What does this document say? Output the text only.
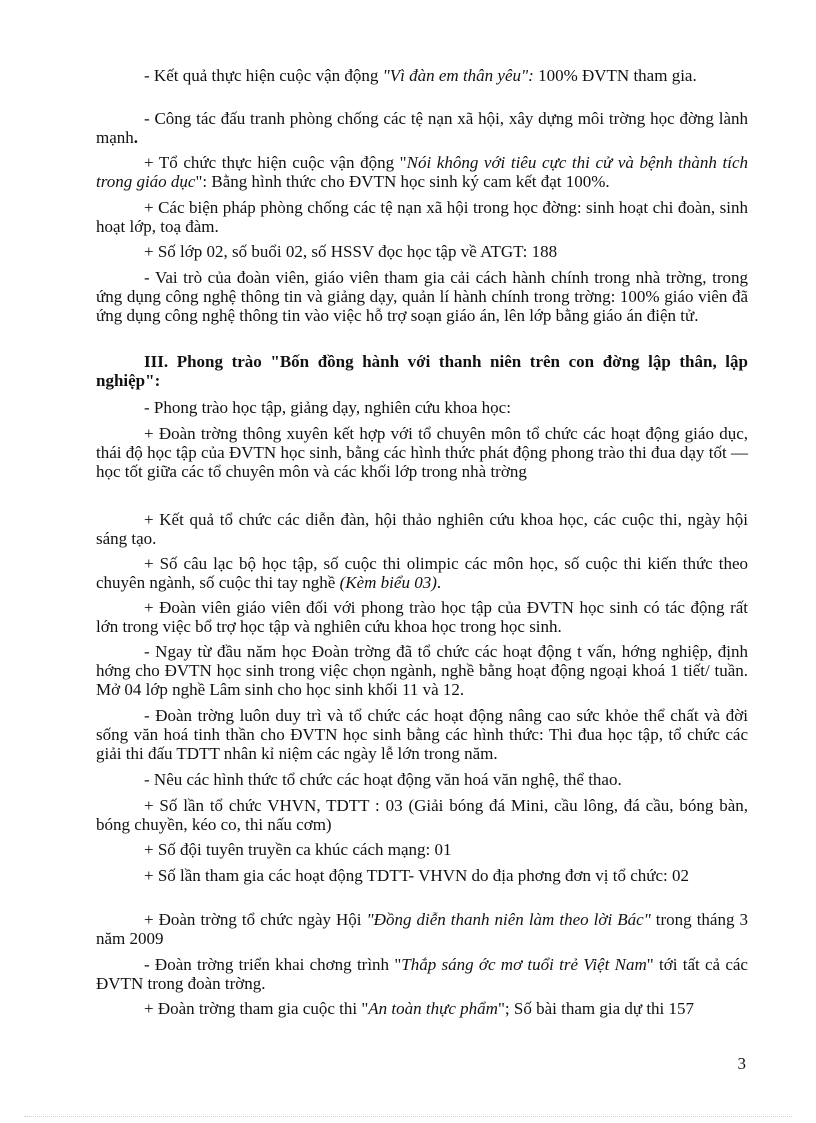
- Kết quả thực hiện cuộc vận động "Vì đàn em thân yêu": 100% ĐVTN tham gia.

- Công tác đấu tranh phòng chống các tệ nạn xã hội, xây dựng môi trờng học đờng lành mạnh.

+ Tổ chức thực hiện cuộc vận động "Nói không với tiêu cực thi cử và bệnh thành tích trong giáo dục": Bằng hình thức cho ĐVTN học sinh ký cam kết đạt 100%.

+ Các biện pháp phòng chống các tệ nạn xã hội trong học đờng: sinh hoạt chi đoàn, sinh hoạt lớp, toạ đàm.

+ Số lớp 02, số buổi 02, số HSSV đọc học tập về ATGT: 188

- Vai trò của đoàn viên, giáo viên tham gia cải cách hành chính trong nhà trờng, trong ứng dụng công nghệ thông tin và giảng dạy, quản lí hành chính trong trờng: 100% giáo viên đã ứng dụng công nghệ thông tin vào việc hỗ trợ soạn giáo án, lên lớp bằng giáo án điện tử.

III. Phong trào "Bốn đồng hành với thanh niên trên con đờng lập thân, lập nghiệp":

- Phong trào học tập, giảng dạy, nghiên cứu khoa học:

+ Đoàn trờng thông xuyên kết hợp với tổ chuyên môn tổ chức các hoạt động giáo dục, thái độ học tập của ĐVTN học sinh, bằng các hình thức phát động phong trào thi đua dạy tốt — học tốt giữa các tổ chuyên môn và các khối lớp trong nhà trờng

+ Kết quả tổ chức các diễn đàn, hội thảo nghiên cứu khoa học, các cuộc thi, ngày hội sáng tạo.

+ Số câu lạc bộ học tập, số cuộc thi olimpic các môn học, số cuộc thi kiến thức theo chuyên ngành, số cuộc thi tay nghề (Kèm biểu 03).

+ Đoàn viên giáo viên đối với phong trào học tập của ĐVTN học sinh có tác động rất lớn trong việc bổ trợ học tập và nghiên cứu khoa học trong học sinh.

- Ngay từ đầu năm học Đoàn trờng đã tổ chức các hoạt động t vấn, hớng nghiệp, định hớng cho ĐVTN học sinh trong việc chọn ngành, nghề bằng hoạt động ngoại khoá 1 tiết/ tuần. Mở 04 lớp nghề Lâm sinh cho học sinh khối 11 và 12.

- Đoàn trờng luôn duy trì và tổ chức các hoạt động nâng cao sức khỏe thể chất và đời sống văn hoá tinh thần cho ĐVTN học sinh bằng các hình thức: Thi đua học tập, tổ chức các giải thi đấu TDTT nhân kỉ niệm các ngày lễ lớn trong năm.

- Nêu các hình thức tổ chức các hoạt động văn hoá văn nghệ, thể thao.

+ Số lần tổ chức VHVN, TDTT : 03 (Giải bóng đá Mini, cầu lông, đá cầu, bóng bàn, bóng chuyền, kéo co, thi nấu cơm)

+ Số đội tuyên truyền ca khúc cách mạng: 01

+ Số lần tham gia các hoạt động TDTT- VHVN do địa phơng đơn vị tổ chức: 02

+ Đoàn trờng tổ chức ngày Hội "Đồng diễn thanh niên làm theo lời Bác" trong tháng 3 năm 2009

- Đoàn trờng triển khai chơng trình "Thắp sáng ớc mơ tuổi trẻ Việt Nam" tới tất cả các ĐVTN trong đoàn trờng.

+ Đoàn trờng tham gia cuộc thi "An toàn thực phẩm"; Số bài tham gia dự thi 157

3
